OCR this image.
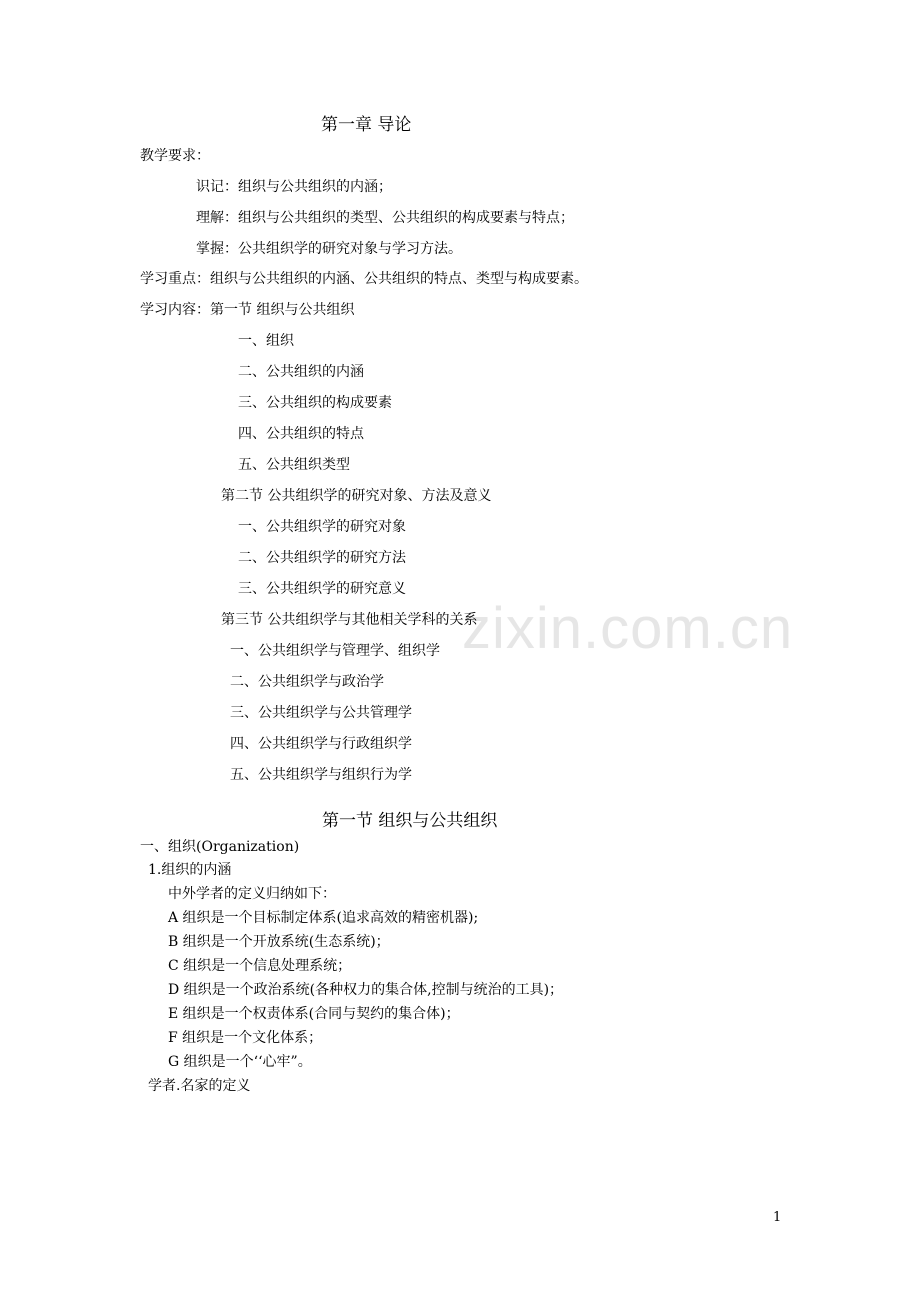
zixin.com.cn
第一章 导论
教学要求：
识记：组织与公共组织的内涵；
理解：组织与公共组织的类型、公共组织的构成要素与特点；
掌握：公共组织学的研究对象与学习方法。
学习重点：组织与公共组织的内涵、公共组织的特点、类型与构成要素。
学习内容：第一节 组织与公共组织
一、组织
二、公共组织的内涵
三、公共组织的构成要素
四、公共组织的特点
五、公共组织类型
第二节 公共组织学的研究对象、方法及意义
一、公共组织学的研究对象
二、公共组织学的研究方法
三、公共组织学的研究意义
第三节 公共组织学与其他相关学科的关系
一、公共组织学与管理学、组织学
二、公共组织学与政治学
三、公共组织学与公共管理学
四、公共组织学与行政组织学
五、公共组织学与组织行为学
第一节 组织与公共组织
一、组织(Organization)
1.组织的内涵
中外学者的定义归纳如下：
A 组织是一个目标制定体系(追求高效的精密机器);
B 组织是一个开放系统(生态系统)；
C 组织是一个信息处理系统；
D 组织是一个政治系统(各种权力的集合体,控制与统治的工具)；
E 组织是一个权责体系(合同与契约的集合体)；
F 组织是一个文化体系；
G 组织是一个‘‘心牢”。
学者.名家的定义
1
